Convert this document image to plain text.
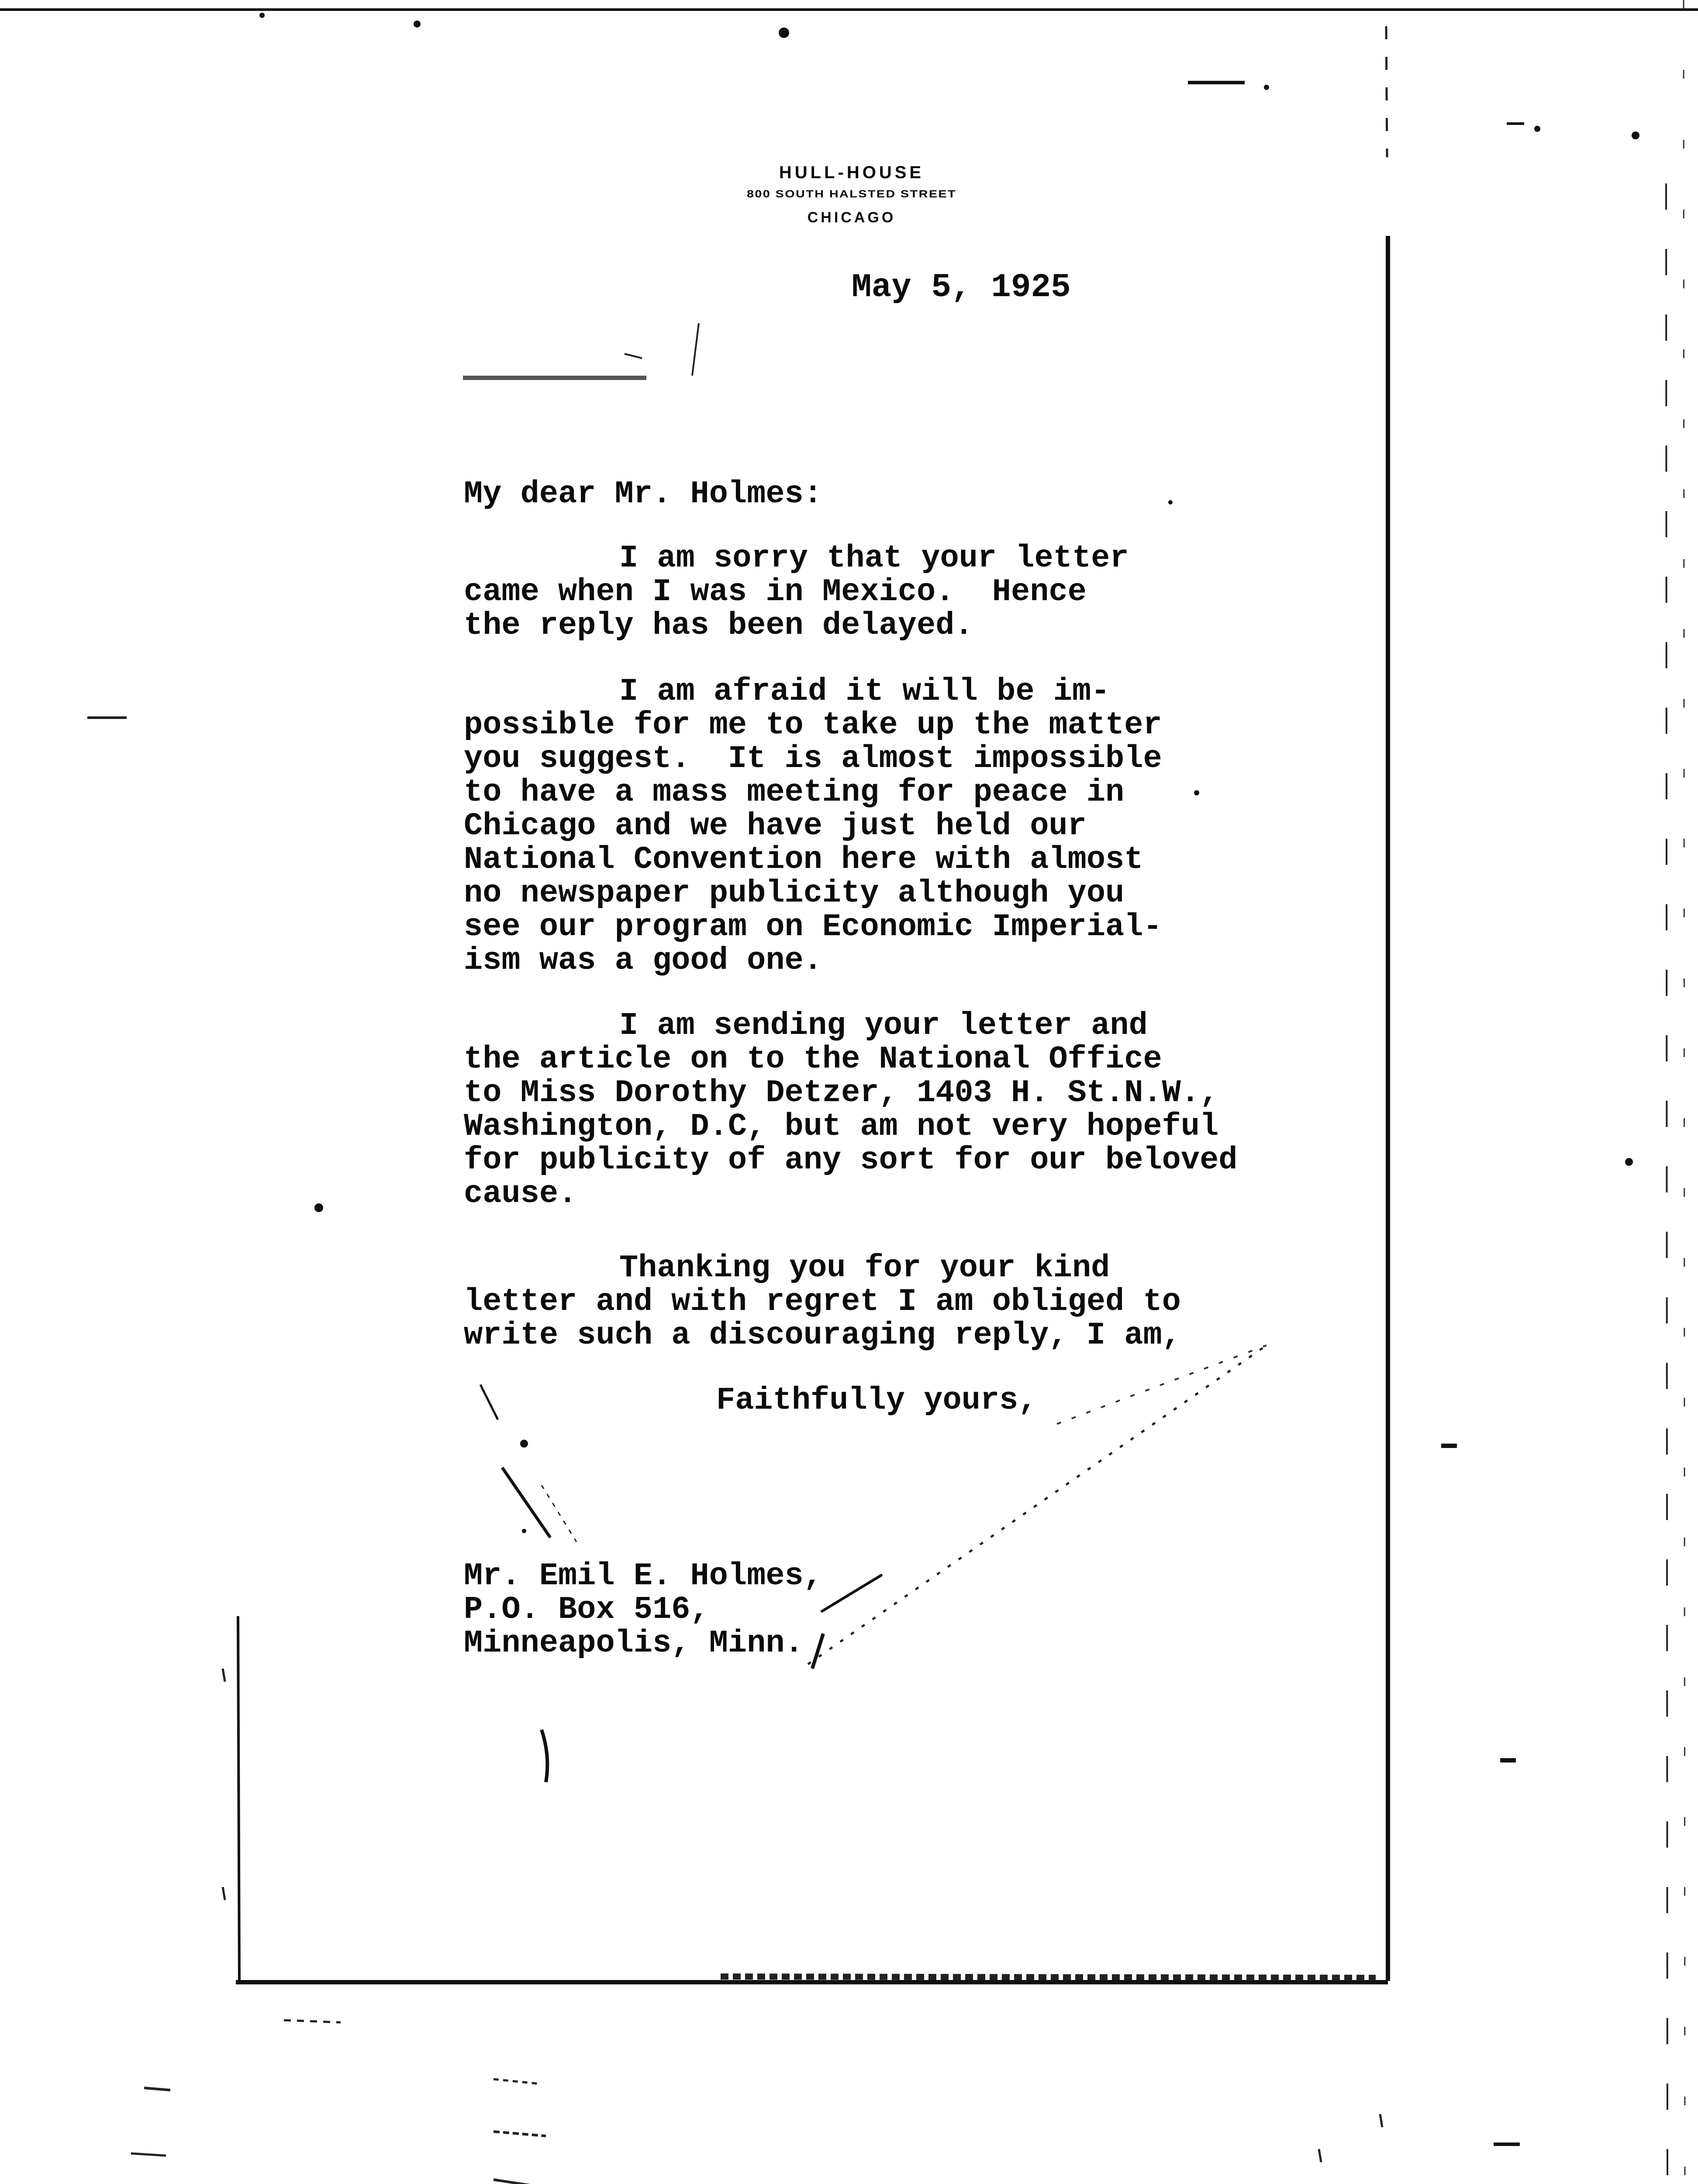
HULL-HOUSE
800 SOUTH HALSTED STREET
CHICAGO
May 5, 1925
My dear Mr. Holmes:
I am sorry that your letter
came when I was in Mexico.  Hence
the reply has been delayed.
I am afraid it will be im-
possible for me to take up the matter
you suggest.  It is almost impossible
to have a mass meeting for peace in
Chicago and we have just held our
National Convention here with almost
no newspaper publicity although you
see our program on Economic Imperial-
ism was a good one.
I am sending your letter and
the article on to the National Office
to Miss Dorothy Detzer, 1403 H. St.N.W.,
Washington, D.C, but am not very hopeful
for publicity of any sort for our beloved
cause.
Thanking you for your kind
letter and with regret I am obliged to
write such a discouraging reply, I am,
Faithfully yours,
Mr. Emil E. Holmes,
P.O. Box 516,
Minneapolis, Minn.
